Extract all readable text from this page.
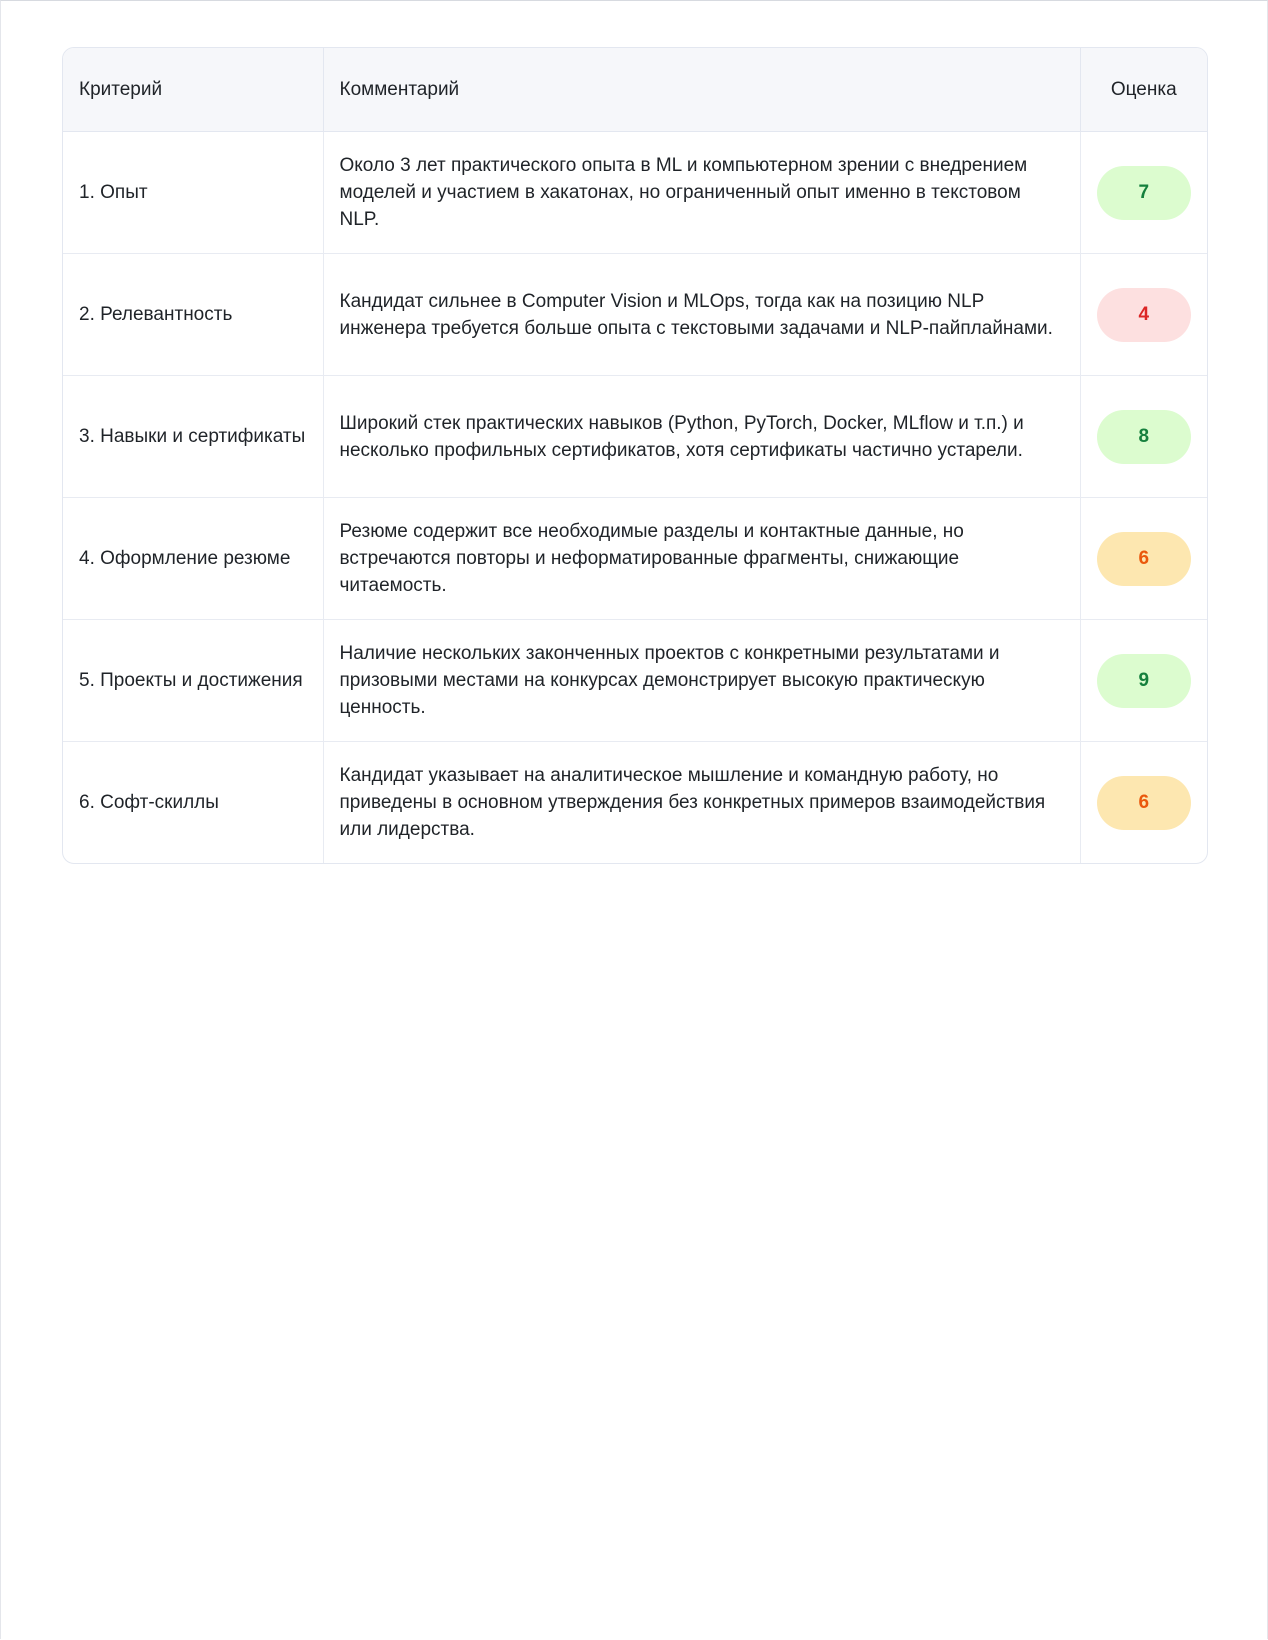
Критерий	Комментарий	Оценка
1. Опыт	Около 3 лет практического опыта в ML и компьютерном зрении с внедрением моделей и участием в хакатонах, но ограниченный опыт именно в текстовом NLP.	7
2. Релевантность	Кандидат сильнее в Computer Vision и MLOps, тогда как на позицию NLP инженера требуется больше опыта с текстовыми задачами и NLP-пайплайнами.	4
3. Навыки и сертификаты	Широкий стек практических навыков (Python, PyTorch, Docker, MLflow и т.п.) и несколько профильных сертификатов, хотя сертификаты частично устарели.	8
4. Оформление резюме	Резюме содержит все необходимые разделы и контактные данные, но встречаются повторы и неформатированные фрагменты, снижающие читаемость.	6
5. Проекты и достижения	Наличие нескольких законченных проектов с конкретными результатами и призовыми местами на конкурсах демонстрирует высокую практическую ценность.	9
6. Софт-скиллы	Кандидат указывает на аналитическое мышление и командную работу, но приведены в основном утверждения без конкретных примеров взаимодействия или лидерства.	6
